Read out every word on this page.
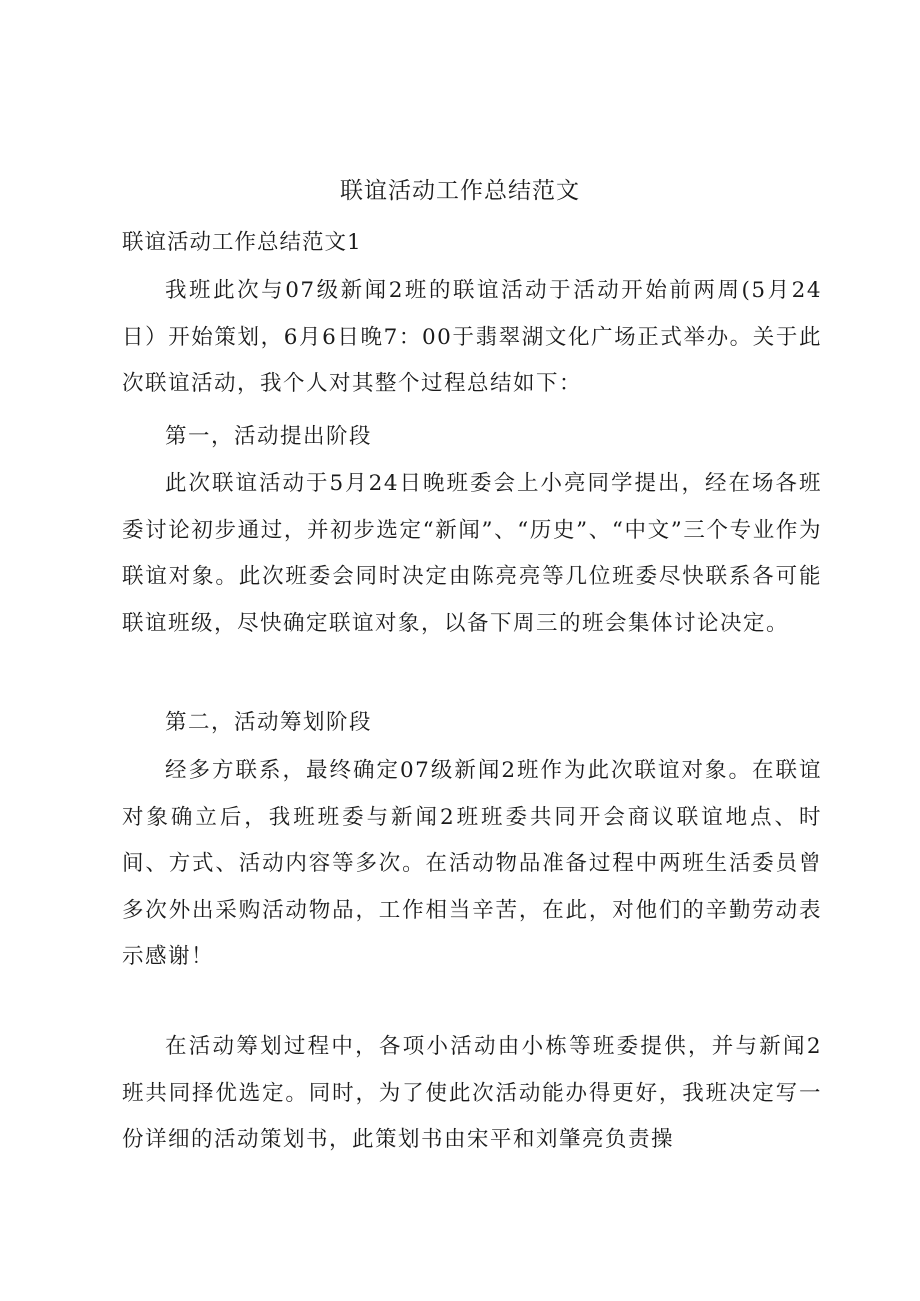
联谊活动工作总结范文
联谊活动工作总结范文1
我班此次与07级新闻2班的联谊活动于活动开始前两周(5月24日）开始策划，6月6日晚7：00于翡翠湖文化广场正式举办。关于此次联谊活动，我个人对其整个过程总结如下：
第一，活动提出阶段
此次联谊活动于5月24日晚班委会上小亮同学提出，经在场各班委讨论初步通过，并初步选定“新闻”、“历史”、“中文”三个专业作为联谊对象。此次班委会同时决定由陈亮亮等几位班委尽快联系各可能联谊班级，尽快确定联谊对象，以备下周三的班会集体讨论决定。
第二，活动筹划阶段
经多方联系，最终确定07级新闻2班作为此次联谊对象。在联谊对象确立后，我班班委与新闻2班班委共同开会商议联谊地点、时间、方式、活动内容等多次。在活动物品准备过程中两班生活委员曾多次外出采购活动物品，工作相当辛苦，在此，对他们的辛勤劳动表示感谢！
在活动筹划过程中，各项小活动由小栋等班委提供，并与新闻2班共同择优选定。同时，为了使此次活动能办得更好，我班决定写一份详细的活动策划书，此策划书由宋平和刘肇亮负责操
